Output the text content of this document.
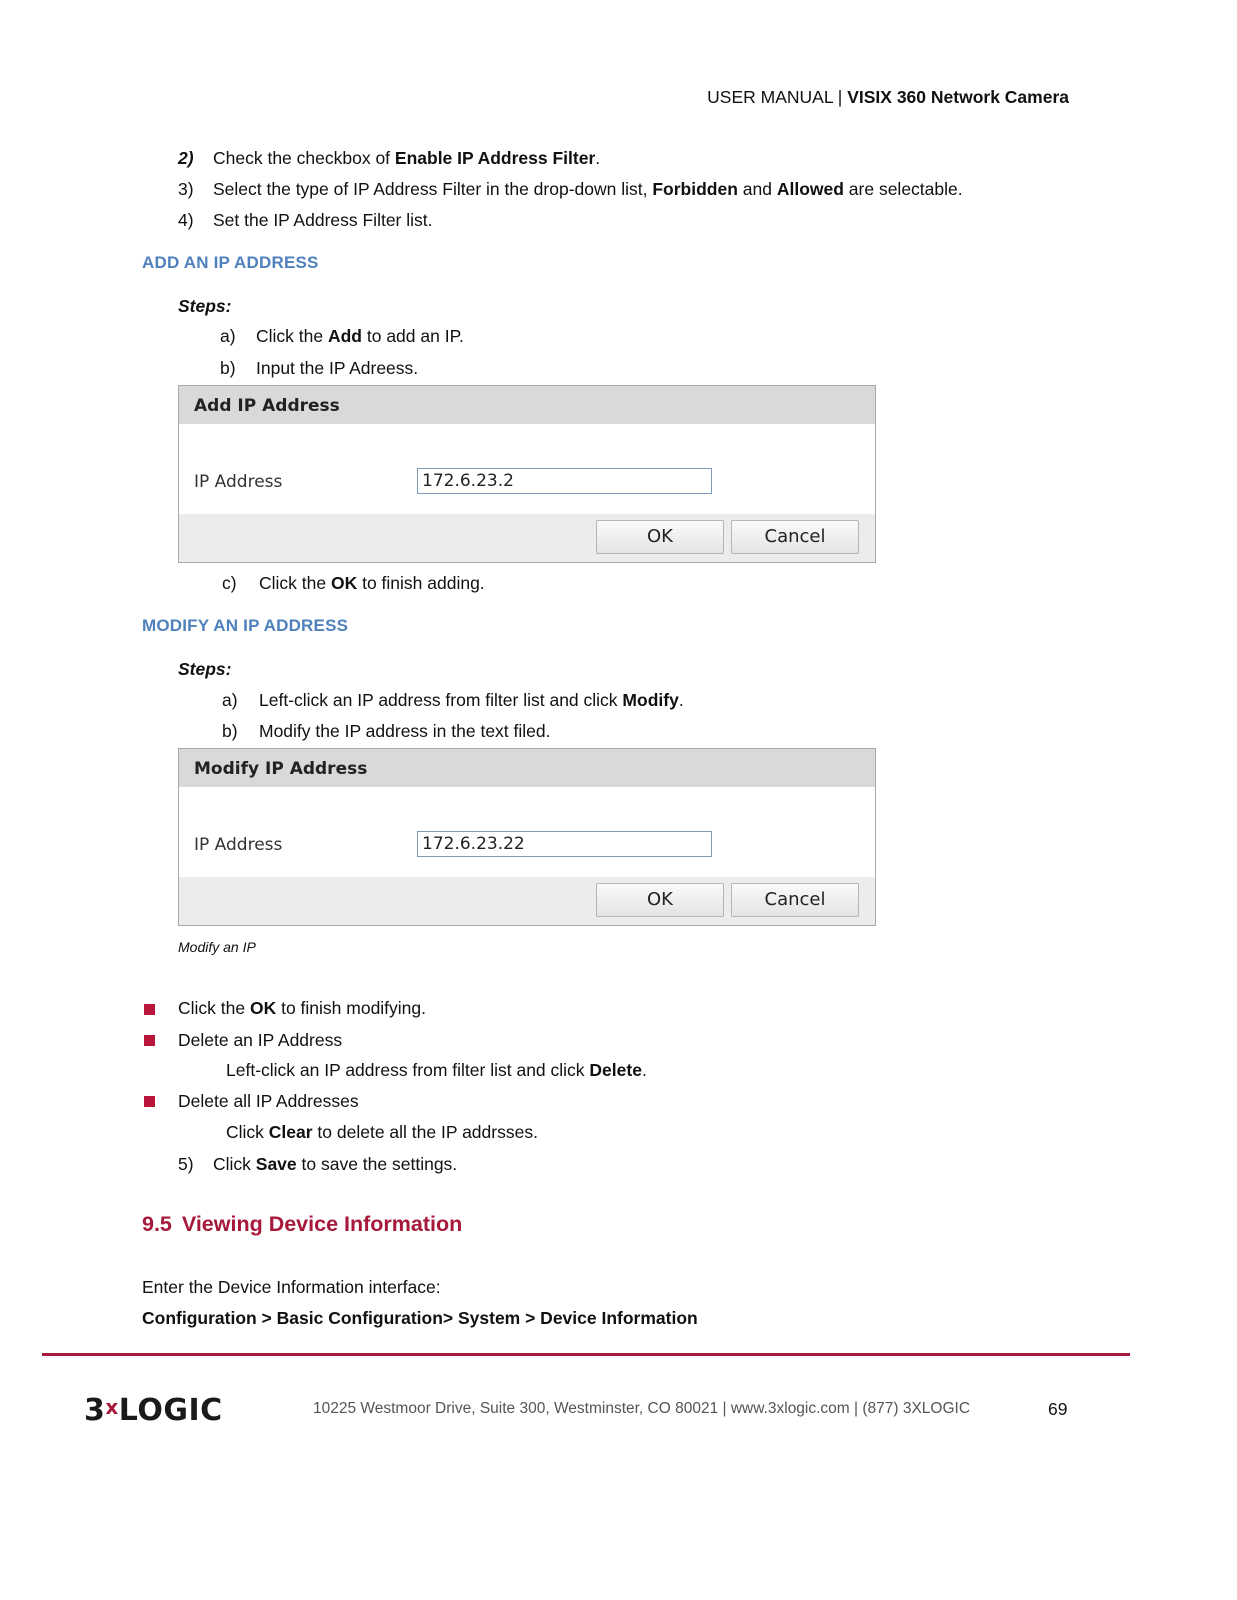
USER MANUAL | VISIX 360 Network Camera
2) Check the checkbox of Enable IP Address Filter.
3) Select the type of IP Address Filter in the drop-down list, Forbidden and Allowed are selectable.
4) Set the IP Address Filter list.
ADD AN IP ADDRESS
Steps:
a) Click the Add to add an IP.
b) Input the IP Adreess.
Add IP Address
IP Address	172.6.23.2
OK	Cancel
c) Click the OK to finish adding.
MODIFY AN IP ADDRESS
Steps:
a) Left-click an IP address from filter list and click Modify.
b) Modify the IP address in the text filed.
Modify IP Address
IP Address	172.6.23.22
OK	Cancel
Modify an IP
Click the OK to finish modifying.
Delete an IP Address
Left-click an IP address from filter list and click Delete.
Delete all IP Addresses
Click Clear to delete all the IP addrsses.
5) Click Save to save the settings.
9.5 Viewing Device Information
Enter the Device Information interface:
Configuration > Basic Configuration> System > Device Information
3$^x$LOGIC	10225 Westmoor Drive, Suite 300, Westminster, CO 80021 | www.3xlogic.com | (877) 3XLOGIC	69
